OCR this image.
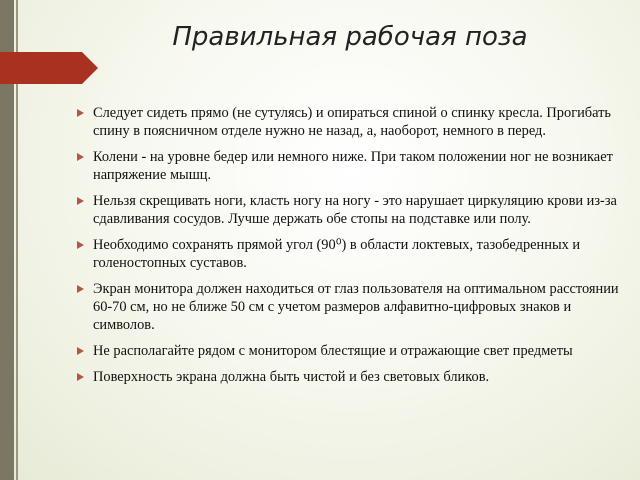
Правильная рабочая поза
Следует сидеть прямо (не сутулясь) и опираться спиной о спинку кресла. Прогибать спину в поясничном отделе нужно не назад, а, наоборот, немного в перед.
Колени - на уровне бедер или немного ниже. При таком положении ног не возникает напряжение мышц.
Нельзя скрещивать ноги, класть ногу на ногу - это нарушает циркуляцию крови из-за сдавливания сосудов. Лучше держать обе стопы на подставке или полу.
Необходимо сохранять прямой угол (90⁰) в области локтевых, тазобедренных и голеностопных суставов.
Экран монитора должен находиться от глаз пользователя на оптимальном расстоянии 60-70 см, но не ближе 50 см с учетом размеров алфавитно-цифровых знаков и символов.
Не располагайте рядом с монитором блестящие и отражающие свет предметы
Поверхность экрана должна быть чистой и без световых бликов.
